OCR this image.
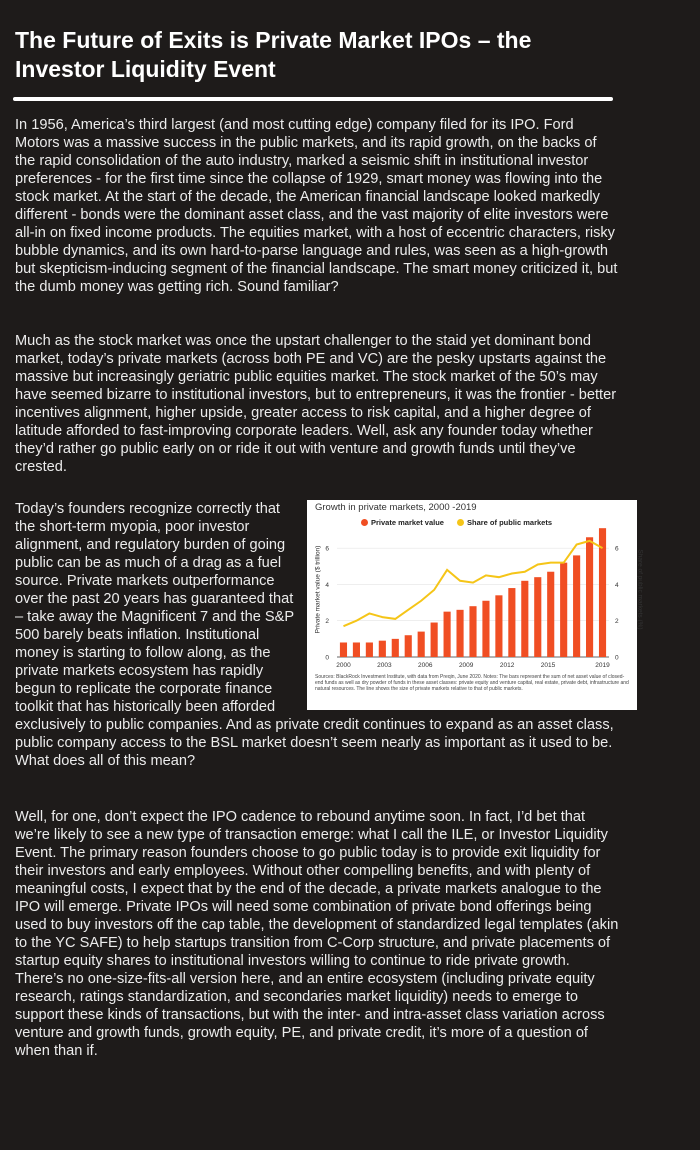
The Future of Exits is Private Market IPOs – the Investor Liquidity Event

In 1956, America’s third largest (and most cutting edge) company filed for its IPO. Ford Motors was a massive success in the public markets, and its rapid growth, on the backs of the rapid consolidation of the auto industry, marked a seismic shift in institutional investor preferences - for the first time since the collapse of 1929, smart money was flowing into the stock market. At the start of the decade, the American financial landscape looked markedly different - bonds were the dominant asset class, and the vast majority of elite investors were all-in on fixed income products. The equities market, with a host of eccentric characters, risky bubble dynamics, and its own hard-to-parse language and rules, was seen as a high-growth but skepticism-inducing segment of the financial landscape. The smart money criticized it, but the dumb money was getting rich. Sound familiar?

Much as the stock market was once the upstart challenger to the staid yet dominant bond market, today’s private markets (across both PE and VC) are the pesky upstarts against the massive but increasingly geriatric public equities market. The stock market of the 50’s may have seemed bizarre to institutional investors, but to entrepreneurs, it was the frontier - better incentives alignment, higher upside, greater access to risk capital, and a higher degree of latitude afforded to fast-improving corporate leaders. Well, ask any founder today whether they’d rather go public early on or ride it out with venture and growth funds until they’ve crested.

Growth in private markets, 2000 -2019
Private market value	Share of public markets
Private market value ($ trillion)	Share of public markets (%)
0
2
4
6
0
2
4
6
2000	2003	2006	2009	2012	2015	2019
Sources: BlackRock Investment Institute, with data from Preqin, June 2020. Notes: The bars represent the sum of net asset value of closed-end funds as well as dry powder of funds in these asset classes: private equity and venture capital, real estate, private debt, infrastructure and natural resources. The line shows the size of private markets relative to that of public markets.

Today’s founders recognize correctly that the short-term myopia, poor investor alignment, and regulatory burden of going public can be as much of a drag as a fuel source. Private markets outperformance over the past 20 years has guaranteed that – take away the Magnificent 7 and the S&P 500 barely beats inflation. Institutional money is starting to follow along, as the private markets ecosystem has rapidly begun to replicate the corporate finance toolkit that has historically been afforded exclusively to public companies. And as private credit continues to expand as an asset class, public company access to the BSL market doesn’t seem nearly as important as it used to be. What does all of this mean?

Well, for one, don’t expect the IPO cadence to rebound anytime soon. In fact, I’d bet that we’re likely to see a new type of transaction emerge: what I call the ILE, or Investor Liquidity Event. The primary reason founders choose to go public today is to provide exit liquidity for their investors and early employees. Without other compelling benefits, and with plenty of meaningful costs, I expect that by the end of the decade, a private markets analogue to the IPO will emerge. Private IPOs will need some combination of private bond offerings being used to buy investors off the cap table, the development of standardized legal templates (akin to the YC SAFE) to help startups transition from C-Corp structure, and private placements of startup equity shares to institutional investors willing to continue to ride private growth. There’s no one-size-fits-all version here, and an entire ecosystem (including private equity research, ratings standardization, and secondaries market liquidity) needs to emerge to support these kinds of transactions, but with the inter- and intra-asset class variation across venture and growth funds, growth equity, PE, and private credit, it’s more of a question of when than if.
